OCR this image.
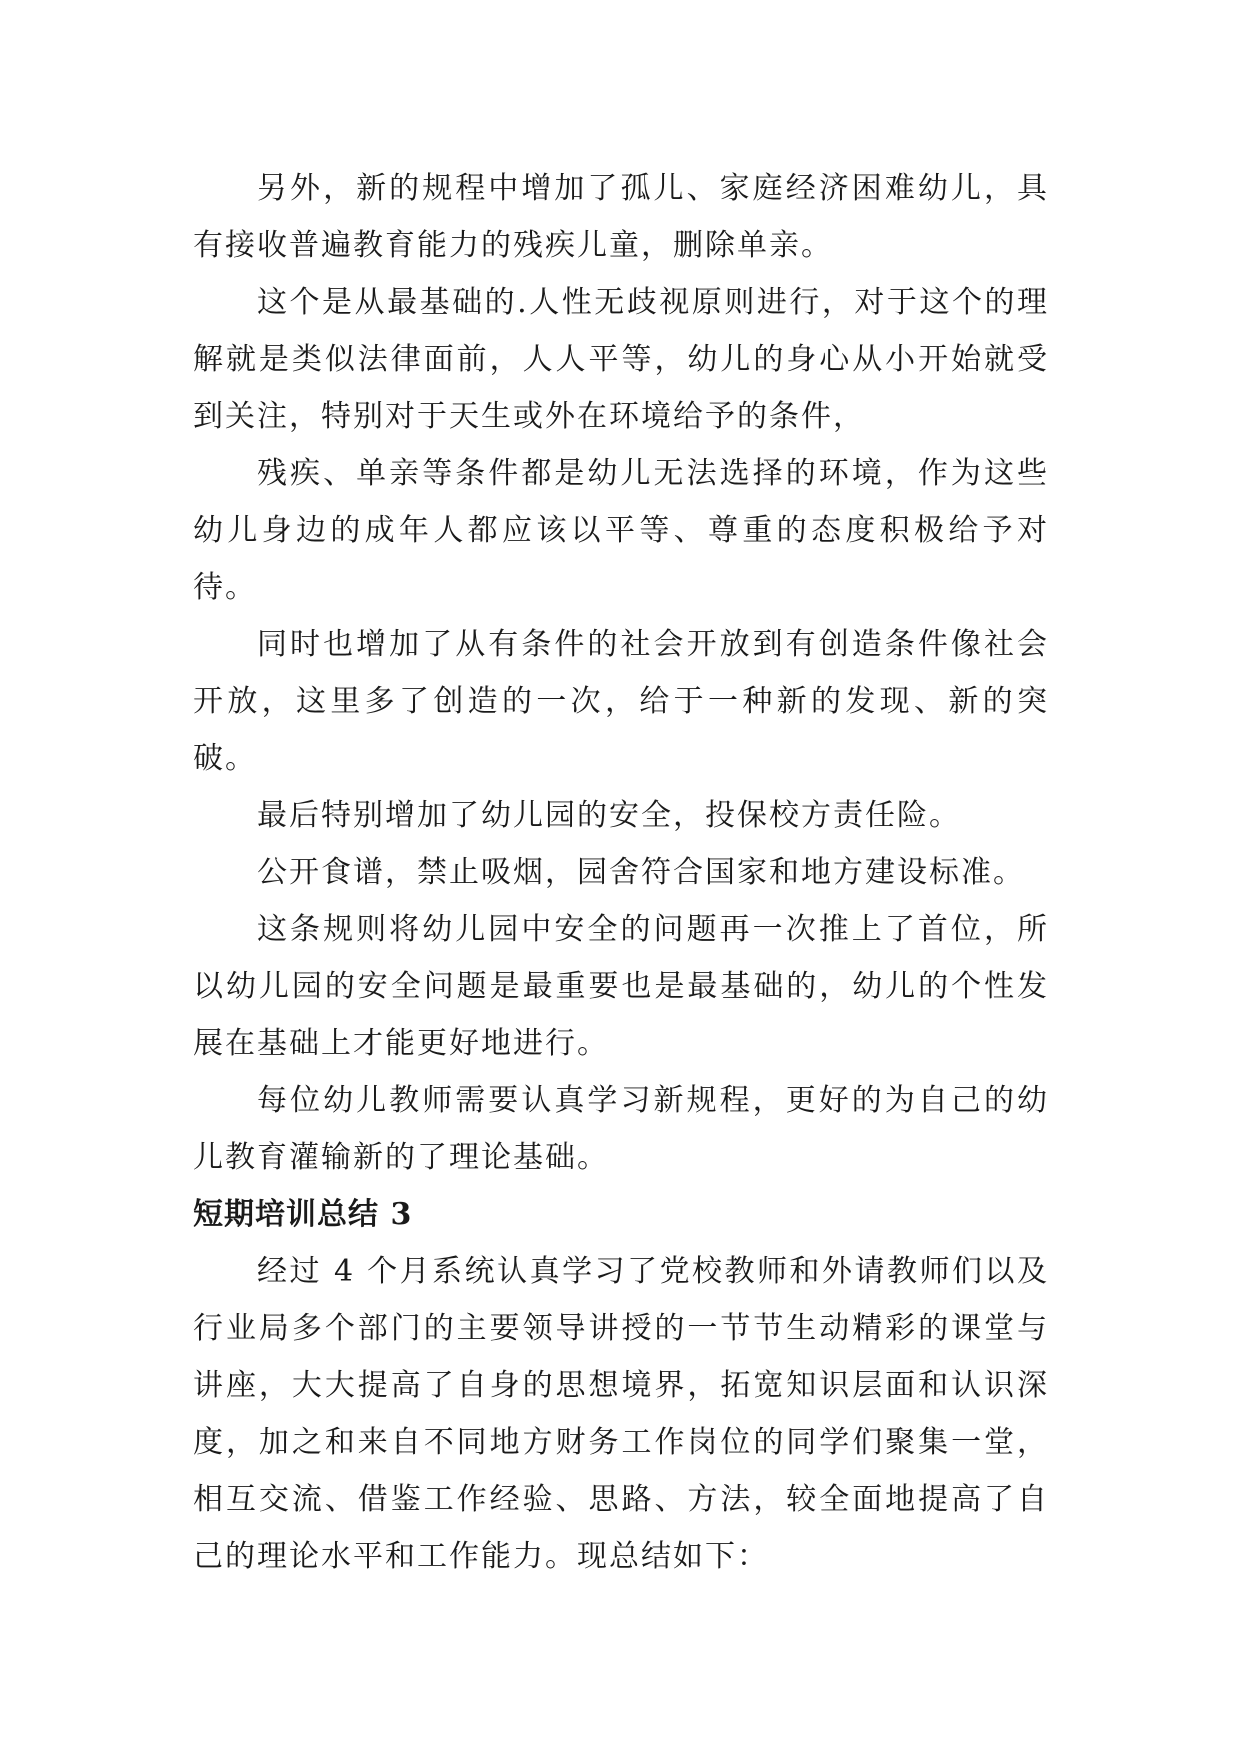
另外，新的规程中增加了孤儿、家庭经济困难幼儿，具有接收普遍教育能力的残疾儿童，删除单亲。

这个是从最基础的.人性无歧视原则进行，对于这个的理解就是类似法律面前，人人平等，幼儿的身心从小开始就受到关注，特别对于天生或外在环境给予的条件，

残疾、单亲等条件都是幼儿无法选择的环境，作为这些幼儿身边的成年人都应该以平等、尊重的态度积极给予对待。

同时也增加了从有条件的社会开放到有创造条件像社会开放，这里多了创造的一次，给于一种新的发现、新的突破。

最后特别增加了幼儿园的安全，投保校方责任险。

公开食谱，禁止吸烟，园舍符合国家和地方建设标准。

这条规则将幼儿园中安全的问题再一次推上了首位，所以幼儿园的安全问题是最重要也是最基础的，幼儿的个性发展在基础上才能更好地进行。

每位幼儿教师需要认真学习新规程，更好的为自己的幼儿教育灌输新的了理论基础。

短期培训总结 3

经过 4 个月系统认真学习了党校教师和外请教师们以及行业局多个部门的主要领导讲授的一节节生动精彩的课堂与讲座，大大提高了自身的思想境界，拓宽知识层面和认识深度，加之和来自不同地方财务工作岗位的同学们聚集一堂，相互交流、借鉴工作经验、思路、方法，较全面地提高了自己的理论水平和工作能力。现总结如下：
